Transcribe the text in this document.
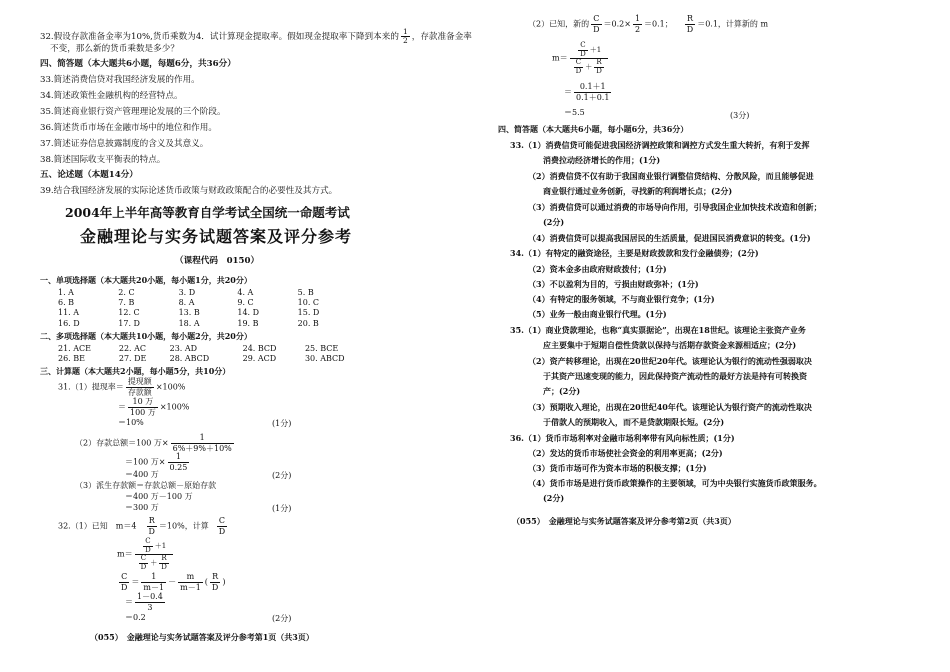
32.假设存款准备金率为10%,货币乘数为4．试计算现金提取率。假如现金提取率下降到本来的 $\frac{1}{2}$ ，存款准备金率
不变，那么新的货币乘数是多少？
四、简答题（本大题共6小题，每题6分，共36分）
33.简述消费信贷对我国经济发展的作用。
34.简述政策性金融机构的经营特点。
35.简述商业银行资产管理理论发展的三个阶段。
36.简述货币市场在金融市场中的地位和作用。
37.简述证券信息披露制度的含义及其意义。
38.简述国际收支平衡表的特点。
五、论述题（本题14分）
39.结合我国经济发展的实际论述货币政策与财政政策配合的必要性及其方式。
2004年上半年高等教育自学考试全国统一命题考试
金融理论与实务试题答案及评分参考
（课程代码　0150）
一、单项选择题（本大题共20小题，每小题1分，共20分）
1. A	2. C	3. D	4. A	5. B
6. B	7. B	8. A	9. C	10. C
11. A	12. C	13. B	14. D	15. D
16. D	17. D	18. A	19. B	20. B
二、多项选择题（本大题共10小题，每小题2分，共20分）
21. ACE	22. AC	23. AD	24. BCD	25. BCE
26. BE	27. DE	28. ABCD	29. ACD	30. ABCD
三、计算题（本大题共2小题，每小题5分，共10分）
31.（1）提现率＝ $\frac{\text{提现额}}{\text{存款额}} \times 100\%$
＝ $\frac{\text{10 万}}{\text{100 万}} \times 100\%$
＝10%	(1分)
（2）存款总额＝100 万× $\frac{1}{6\%+9\%+10\%}$
＝100 万× $\frac{1}{0.25}$
＝400 万	(2分)
（3）派生存款额＝存款总额－原始存款
＝400 万－100 万
＝300 万	(1分)
32.（1）已知　m＝4　 $\frac{R}{D} =10\%$，计算 $\frac{C}{D}$
$m= \frac{\frac{C}{D} +1}{\frac{C}{D} + \frac{R}{D}}$
$\frac{C}{D} = \frac{1}{m-1} - \frac{m}{m-1}$ ( $\frac{R}{D}$ )
＝ $\frac{1-0.4}{3}$
＝0.2	(2分)
（055）　金融理论与实务试题答案及评分参考第1页（共3页）
（2）已知，新的 $\frac{C}{D} =0.2\times \frac{1}{2} =0.1$； $\frac{R}{D} =0.1$，计算新的 m
$m= \frac{\frac{C}{D} +1}{\frac{C}{D} + \frac{R}{D}}$
＝ $\frac{0.1+1}{0.1+0.1}$
＝5.5	(3分)
四、简答题（本大题共6小题，每小题6分，共36分）
33.（1）消费信贷可能促进我国经济调控政策和调控方式发生重大转折，有利于发挥
消费拉动经济增长的作用；(1分)
（2）消费信贷不仅有助于我国商业银行调整信贷结构、分散风险，而且能够促进
商业银行通过业务创新，寻找新的利润增长点；(2分)
（3）消费信贷可以通过消费的市场导向作用，引导我国企业加快技术改造和创新；
(2分)
（4）消费信贷可以提高我国居民的生活质量，促进国民消费意识的转变。(1分)
34.（1）有特定的融资途径，主要是财政拨款和发行金融债券；(2分)
（2）资本金多由政府财政拨付；(1分)
（3）不以盈利为目的，亏损由财政弥补；(1分)
（4）有特定的服务领域，不与商业银行竞争；(1分)
（5）业务一般由商业银行代理。(1分)
35.（1）商业贷款理论，也称“真实票据论”，出现在18世纪。该理论主张资产业务
应主要集中于短期自偿性贷款以保持与活期存款资金来源相适应；(2分)
（2）资产转移理论，出现在20世纪20年代。该理论认为银行的流动性强弱取决
于其资产迅速变现的能力，因此保持资产流动性的最好方法是持有可转换资
产；(2分)
（3）预期收入理论，出现在20世纪40年代。该理论认为银行资产的流动性取决
于借款人的预期收入，而不是贷款期限长短。(2分)
36.（1）货币市场利率对金融市场利率带有风向标性质；(1分)
（2）发达的货币市场使社会资金的利用率更高；(2分)
（3）货币市场可作为资本市场的积极支撑；(1分)
（4）货币市场是进行货币政策操作的主要领域，可为中央银行实施货币政策服务。
(2分)
（055）　金融理论与实务试题答案及评分参考第2页（共3页）
